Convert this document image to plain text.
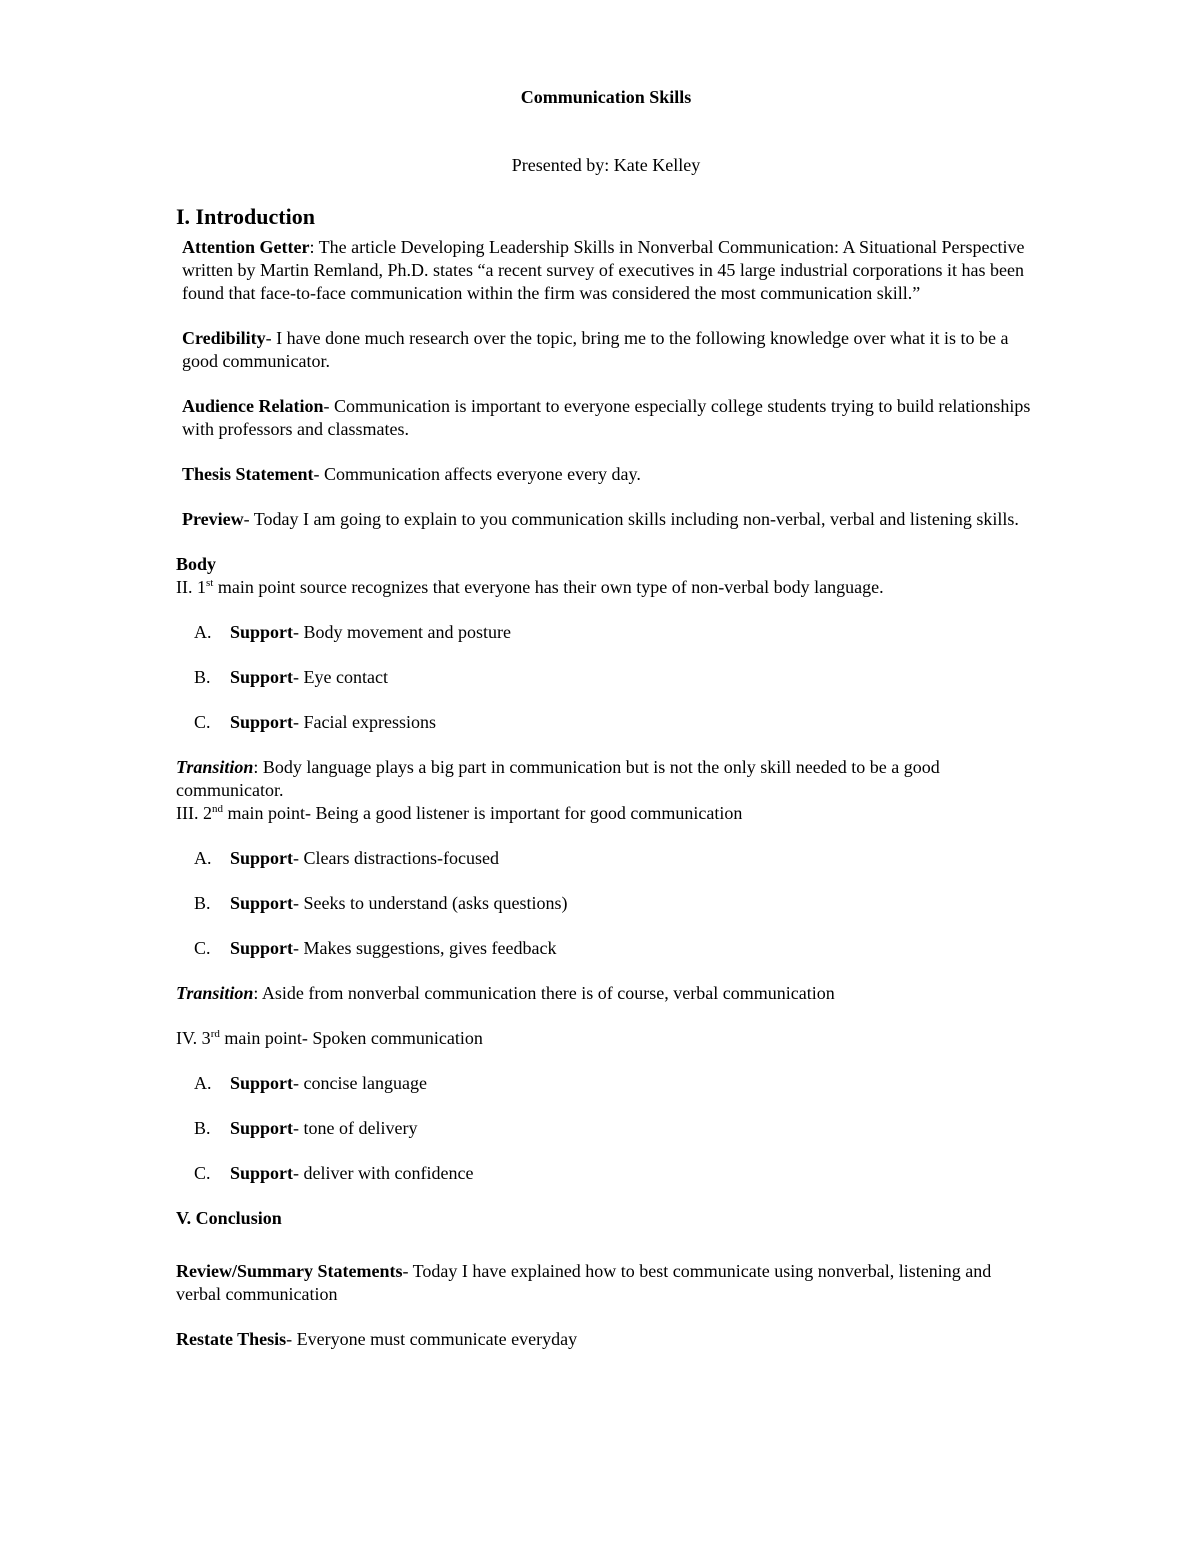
Communication Skills

Presented by: Kate Kelley

I. Introduction

Attention Getter: The article Developing Leadership Skills in Nonverbal Communication: A Situational Perspective written by Martin Remland, Ph.D. states “a recent survey of executives in 45 large industrial corporations it has been found that face-to-face communication within the firm was considered the most communication skill.”

Credibility- I have done much research over the topic, bring me to the following knowledge over what it is to be a good communicator.

Audience Relation- Communication is important to everyone especially college students trying to build relationships with professors and classmates.

Thesis Statement- Communication affects everyone every day.

Preview- Today I am going to explain to you communication skills including non-verbal, verbal and listening skills.

Body

II. 1st main point source recognizes that everyone has their own type of non-verbal body language.

A.	Support- Body movement and posture
B.	Support- Eye contact
C.	Support- Facial expressions

Transition: Body language plays a big part in communication but is not the only skill needed to be a good communicator.

III. 2nd main point- Being a good listener is important for good communication

A.	Support- Clears distractions-focused
B.	Support- Seeks to understand (asks questions)
C.	Support- Makes suggestions, gives feedback

Transition: Aside from nonverbal communication there is of course, verbal communication

IV. 3rd main point- Spoken communication

A.	Support- concise language
B.	Support- tone of delivery
C.	Support- deliver with confidence

V. Conclusion

Review/Summary Statements- Today I have explained how to best communicate using nonverbal, listening and verbal communication

Restate Thesis- Everyone must communicate everyday
